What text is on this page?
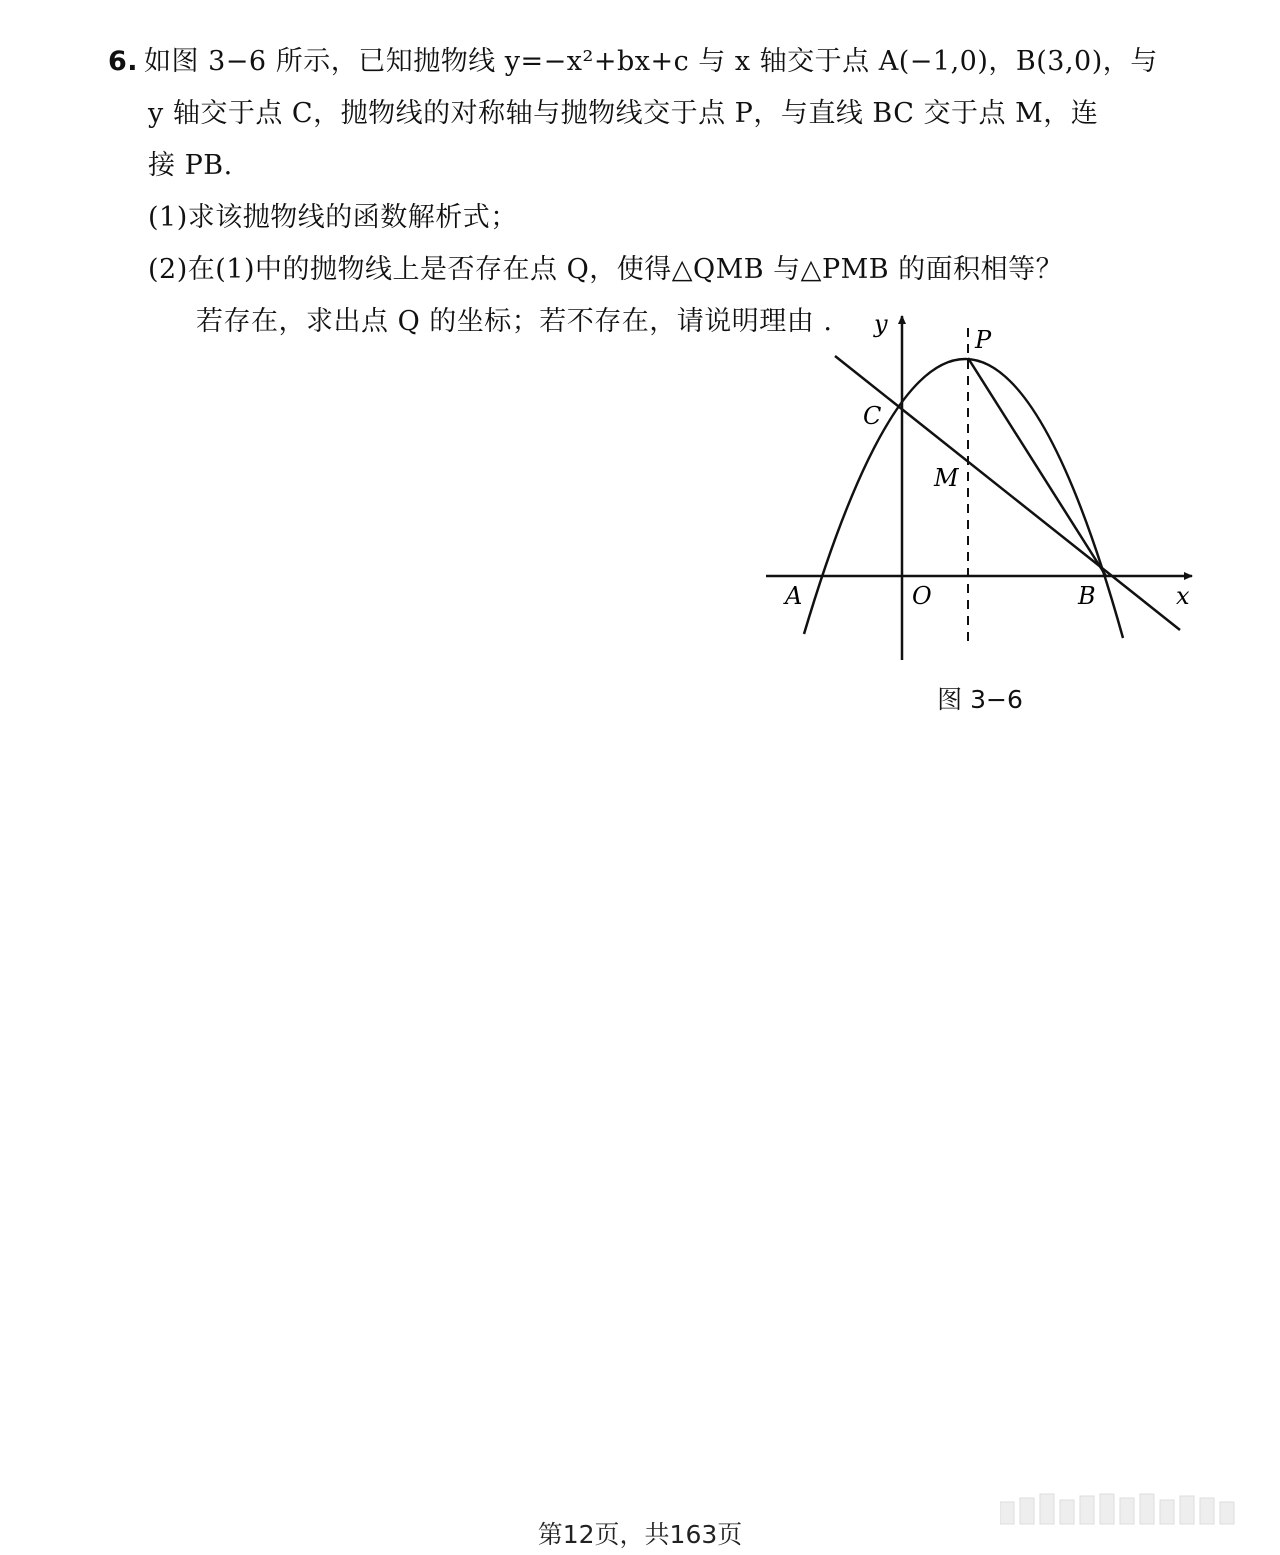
6. 如图 3−6 所示，已知抛物线 y=−x²+bx+c 与 x 轴交于点 A(−1,0)，B(3,0)，与
y 轴交于点 C，抛物线的对称轴与抛物线交于点 P，与直线 BC 交于点 M，连
接 PB.
(1)求该抛物线的函数解析式；
(2)在(1)中的抛物线上是否存在点 Q，使得△QMB 与△PMB 的面积相等？
若存在，求出点 Q 的坐标；若不存在，请说明理由 .	y
x
P
C
M
A	O	B
图 3−6
第12页，共163页
